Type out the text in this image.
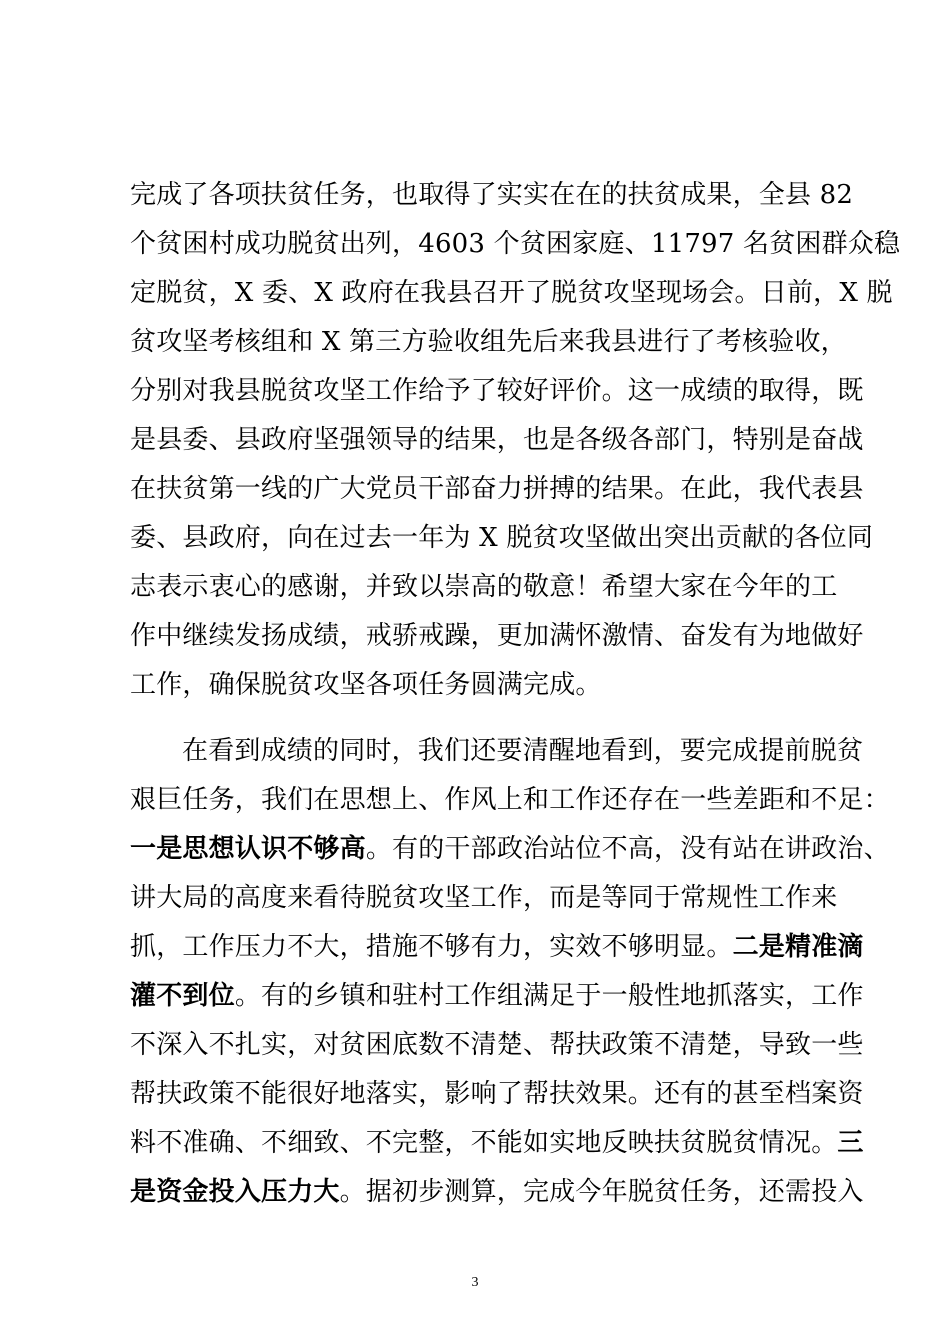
完成了各项扶贫任务，也取得了实实在在的扶贫成果，全县 82
个贫困村成功脱贫出列，4603 个贫困家庭、11797 名贫困群众稳
定脱贫，X 委、X 政府在我县召开了脱贫攻坚现场会。日前，X 脱
贫攻坚考核组和 X 第三方验收组先后来我县进行了考核验收，
分别对我县脱贫攻坚工作给予了较好评价。这一成绩的取得，既
是县委、县政府坚强领导的结果，也是各级各部门，特别是奋战
在扶贫第一线的广大党员干部奋力拼搏的结果。在此，我代表县
委、县政府，向在过去一年为 X 脱贫攻坚做出突出贡献的各位同
志表示衷心的感谢，并致以崇高的敬意！希望大家在今年的工
作中继续发扬成绩，戒骄戒躁，更加满怀激情、奋发有为地做好
工作，确保脱贫攻坚各项任务圆满完成。
在看到成绩的同时，我们还要清醒地看到，要完成提前脱贫
艰巨任务，我们在思想上、作风上和工作还存在一些差距和不足：
一是思想认识不够高。有的干部政治站位不高，没有站在讲政治、
讲大局的高度来看待脱贫攻坚工作，而是等同于常规性工作来
抓，工作压力不大，措施不够有力，实效不够明显。二是精准滴
灌不到位。有的乡镇和驻村工作组满足于一般性地抓落实，工作
不深入不扎实，对贫困底数不清楚、帮扶政策不清楚，导致一些
帮扶政策不能很好地落实，影响了帮扶效果。还有的甚至档案资
料不准确、不细致、不完整，不能如实地反映扶贫脱贫情况。三
是资金投入压力大。据初步测算，完成今年脱贫任务，还需投入
3
